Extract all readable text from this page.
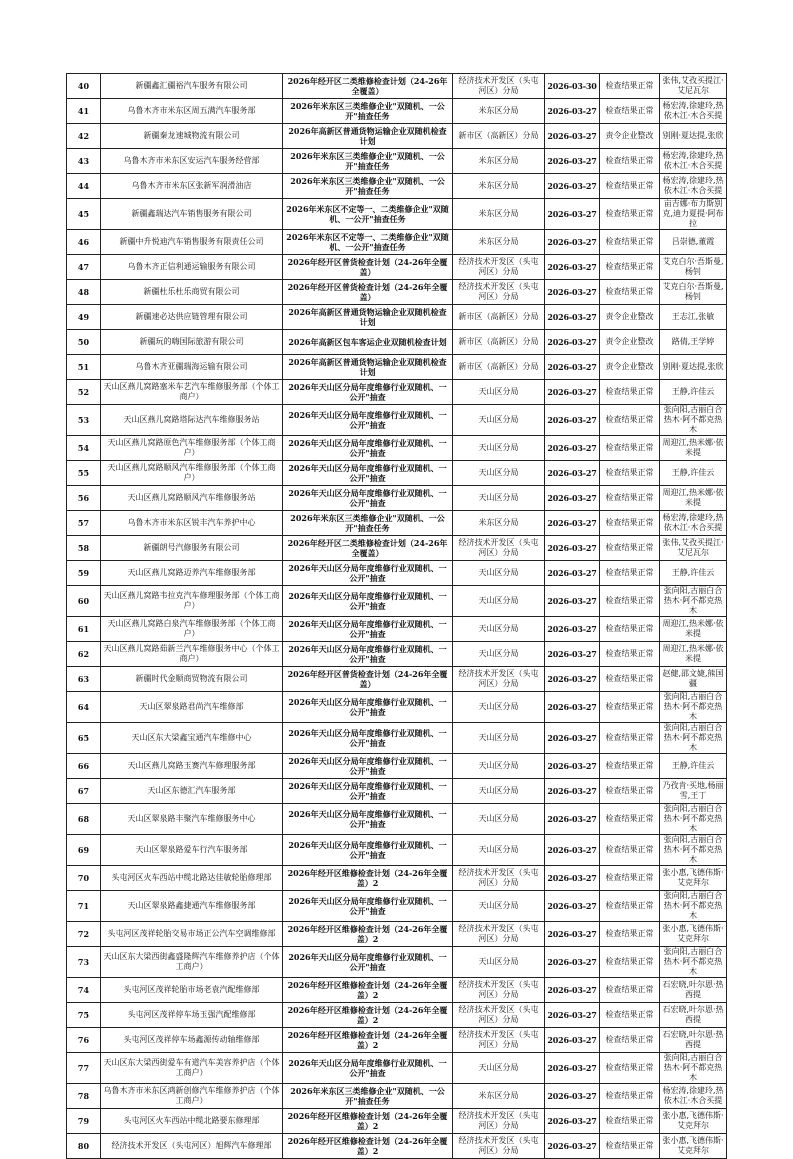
40	新疆鑫汇疆裕汽车服务有限公司	2026年经开区二类维修检查计划（24-26年全覆盖）	经济技术开发区（头屯河区）分局	2026-03-30	检查结果正常	张伟,艾孜买提江·艾尼瓦尔
41	乌鲁木齐市米东区周五满汽车服务部	2026年米东区三类维修企业"双随机、一公开"抽查任务	米东区分局	2026-03-27	检查结果正常	杨宏涛,徐建玲,热依木江·木合买提
42	新疆秦龙速城物流有限公司	2026年高新区普通货物运输企业双随机检查计划	新市区（高新区）分局	2026-03-27	责令企业整改	别刚·夏达提,张欣
43	乌鲁木齐市米东区安运汽车服务经营部	2026年米东区三类维修企业"双随机、一公开"抽查任务	米东区分局	2026-03-27	检查结果正常	杨宏涛,徐建玲,热依木江·木合买提
44	乌鲁木齐市米东区张新军润滑油店	2026年米东区三类维修企业"双随机、一公开"抽查任务	米东区分局	2026-03-27	检查结果正常	杨宏涛,徐建玲,热依木江·木合买提
45	新疆鑫瑞达汽车销售服务有限公司	2026年米东区不定等一、二类维修企业"双随机、一公开"抽查任务	米东区分局	2026-03-27	检查结果正常	亩吉娜·布力斯别克,迪力夏提·阿布拉
46	新疆中升悦迪汽车销售服务有限责任公司	2026年米东区不定等一、二类维修企业"双随机、一公开"抽查任务	米东区分局	2026-03-27	检查结果正常	吕崇德,董霞
47	乌鲁木齐正信利通运输服务有限公司	2026年经开区普货检查计划（24-26年全覆盖）	经济技术开发区（头屯河区）分局	2026-03-27	检查结果正常	艾克白尔·吾斯曼,杨钊
48	新疆杜乐杜乐商贸有限公司	2026年经开区普货检查计划（24-26年全覆盖）	经济技术开发区（头屯河区）分局	2026-03-27	检查结果正常	艾克白尔·吾斯曼,杨钊
49	新疆速必达供应链管理有限公司	2026年高新区普通货物运输企业双随机检查计划	新市区（高新区）分局	2026-03-27	责令企业整改	王志江,张敏
50	新疆玩的嗨国际旅游有限公司	2026年高新区包车客运企业双随机检查计划	新市区（高新区）分局	2026-03-27	责令企业整改	路倩,王学婷
51	乌鲁木齐亚疆瑞海运输有限公司	2026年高新区普通货物运输企业双随机检查计划	新市区（高新区）分局	2026-03-27	责令企业整改	别刚·夏达提,张欣
52	天山区燕儿窝路塞米车艺汽车维修服务部（个体工商户）	2026年天山区分局年度维修行业双随机、一公开"抽查	天山区分局	2026-03-27	检查结果正常	王静,许佳云
53	天山区燕儿窝路塔际达汽车维修服务站	2026年天山区分局年度维修行业双随机、一公开"抽查	天山区分局	2026-03-27	检查结果正常	张向阳,古丽白合热木·阿不都克热木
54	天山区燕儿窝路原色汽车维修服务部（个体工商户）	2026年天山区分局年度维修行业双随机、一公开"抽查	天山区分局	2026-03-27	检查结果正常	周迎江,热米娜·依米提
55	天山区燕儿窝路顺风汽车维修服务部（个体工商户）	2026年天山区分局年度维修行业双随机、一公开"抽查	天山区分局	2026-03-27	检查结果正常	王静,许佳云
56	天山区燕儿窝路顺风汽车维修服务站	2026年天山区分局年度维修行业双随机、一公开"抽查	天山区分局	2026-03-27	检查结果正常	周迎江,热米娜·依米提
57	乌鲁木齐市米东区锐丰汽车养护中心	2026年米东区三类维修企业"双随机、一公开"抽查任务	米东区分局	2026-03-27	检查结果正常	杨宏涛,徐建玲,热依木江·木合买提
58	新疆朗号汽修服务有限公司	2026年经开区二类维修检查计划（24-26年全覆盖）	经济技术开发区（头屯河区）分局	2026-03-27	检查结果正常	张伟,艾孜买提江·艾尼瓦尔
59	天山区燕儿窝路迈养汽车维修服务部	2026年天山区分局年度维修行业双随机、一公开"抽查	天山区分局	2026-03-27	检查结果正常	王静,许佳云
60	天山区燕儿窝路韦拉克汽车修理服务部（个体工商户）	2026年天山区分局年度维修行业双随机、一公开"抽查	天山区分局	2026-03-27	检查结果正常	张向阳,古丽白合热木·阿不都克热木
61	天山区燕儿窝路白泉汽车维修服务部（个体工商户）	2026年天山区分局年度维修行业双随机、一公开"抽查	天山区分局	2026-03-27	检查结果正常	周迎江,热米娜·依米提
62	天山区燕儿窝路茹新兰汽车维修服务中心（个体工商户）	2026年天山区分局年度维修行业双随机、一公开"抽查	天山区分局	2026-03-27	检查结果正常	周迎江,热米娜·依米提
63	新疆时代金顺商贸物流有限公司	2026年经开区普货检查计划（24-26年全覆盖）	经济技术开发区（头屯河区）分局	2026-03-27	检查结果正常	赵健,邵文婕,熊国疆
64	天山区翠泉路君尚汽车维修部	2026年天山区分局年度维修行业双随机、一公开"抽查	天山区分局	2026-03-27	检查结果正常	张向阳,古丽白合热木·阿不都克热木
65	天山区东大梁鑫宝通汽车维修中心	2026年天山区分局年度维修行业双随机、一公开"抽查	天山区分局	2026-03-27	检查结果正常	张向阳,古丽白合热木·阿不都克热木
66	天山区燕儿窝路玉赛汽车修理服务部	2026年天山区分局年度维修行业双随机、一公开"抽查	天山区分局	2026-03-27	检查结果正常	王静,许佳云
67	天山区东德汇汽车服务部	2026年天山区分局年度维修行业双随机、一公开"抽查	天山区分局	2026-03-27	检查结果正常	乃孜肯·买地,杨丽雪,王丁
68	天山区翠泉路丰聚汽车维修服务中心	2026年天山区分局年度维修行业双随机、一公开"抽查	天山区分局	2026-03-27	检查结果正常	张向阳,古丽白合热木·阿不都克热木
69	天山区翠泉路爱车行汽车服务部	2026年天山区分局年度维修行业双随机、一公开"抽查	天山区分局	2026-03-27	检查结果正常	张向阳,古丽白合热木·阿不都克热木
70	头屯河区火车西站中缆北路达佳敏轮胎修理部	2026年经开区维修检查计划（24-26年全覆盖）2	经济技术开发区（头屯河区）分局	2026-03-27	检查结果正常	张小惠,飞德伟斯·艾克拜尔
71	天山区翠泉路鑫捷通汽车维修服务部	2026年天山区分局年度维修行业双随机、一公开"抽查	天山区分局	2026-03-27	检查结果正常	张向阳,古丽白合热木·阿不都克热木
72	头屯河区茂祥轮胎交易市场正公汽车空调维修部	2026年经开区维修检查计划（24-26年全覆盖）2	经济技术开发区（头屯河区）分局	2026-03-27	检查结果正常	张小惠,飞德伟斯·艾克拜尔
73	天山区东大梁西街鑫盛隆辉汽车维修养护店（个体工商户）	2026年天山区分局年度维修行业双随机、一公开"抽查	天山区分局	2026-03-27	检查结果正常	张向阳,古丽白合热木·阿不都克热木
74	头屯河区茂祥轮胎市场老袁汽配维修部	2026年经开区维修检查计划（24-26年全覆盖）2	经济技术开发区（头屯河区）分局	2026-03-27	检查结果正常	石宏晓,叶尔恩·热西提
75	头屯河区茂祥停车场玉强汽配维修部	2026年经开区维修检查计划（24-26年全覆盖）2	经济技术开发区（头屯河区）分局	2026-03-27	检查结果正常	石宏晓,叶尔恩·热西提
76	头屯河区茂祥停车场鑫源传动轴维修部	2026年经开区维修检查计划（24-26年全覆盖）2	经济技术开发区（头屯河区）分局	2026-03-27	检查结果正常	石宏晓,叶尔恩·热西提
77	天山区东大梁西街爱车有道汽车美容养护店（个体工商户）	2026年天山区分局年度维修行业双随机、一公开"抽查	天山区分局	2026-03-27	检查结果正常	张向阳,古丽白合热木·阿不都克热木
78	乌鲁木齐市米东区鸿新创修汽车维修养护店（个体工商户）	2026年米东区三类维修企业"双随机、一公开"抽查任务	米东区分局	2026-03-27	检查结果正常	杨宏涛,徐建玲,热依木江·木合买提
79	头屯河区火车西站中缆北路要东修理部	2026年经开区维修检查计划（24-26年全覆盖）2	经济技术开发区（头屯河区）分局	2026-03-27	检查结果正常	张小惠,飞德伟斯·艾克拜尔
80	经济技术开发区（头屯河区）旭辉汽车修理部	2026年经开区维修检查计划（24-26年全覆盖）2	经济技术开发区（头屯河区）分局	2026-03-27	检查结果正常	张小惠,飞德伟斯·艾克拜尔
